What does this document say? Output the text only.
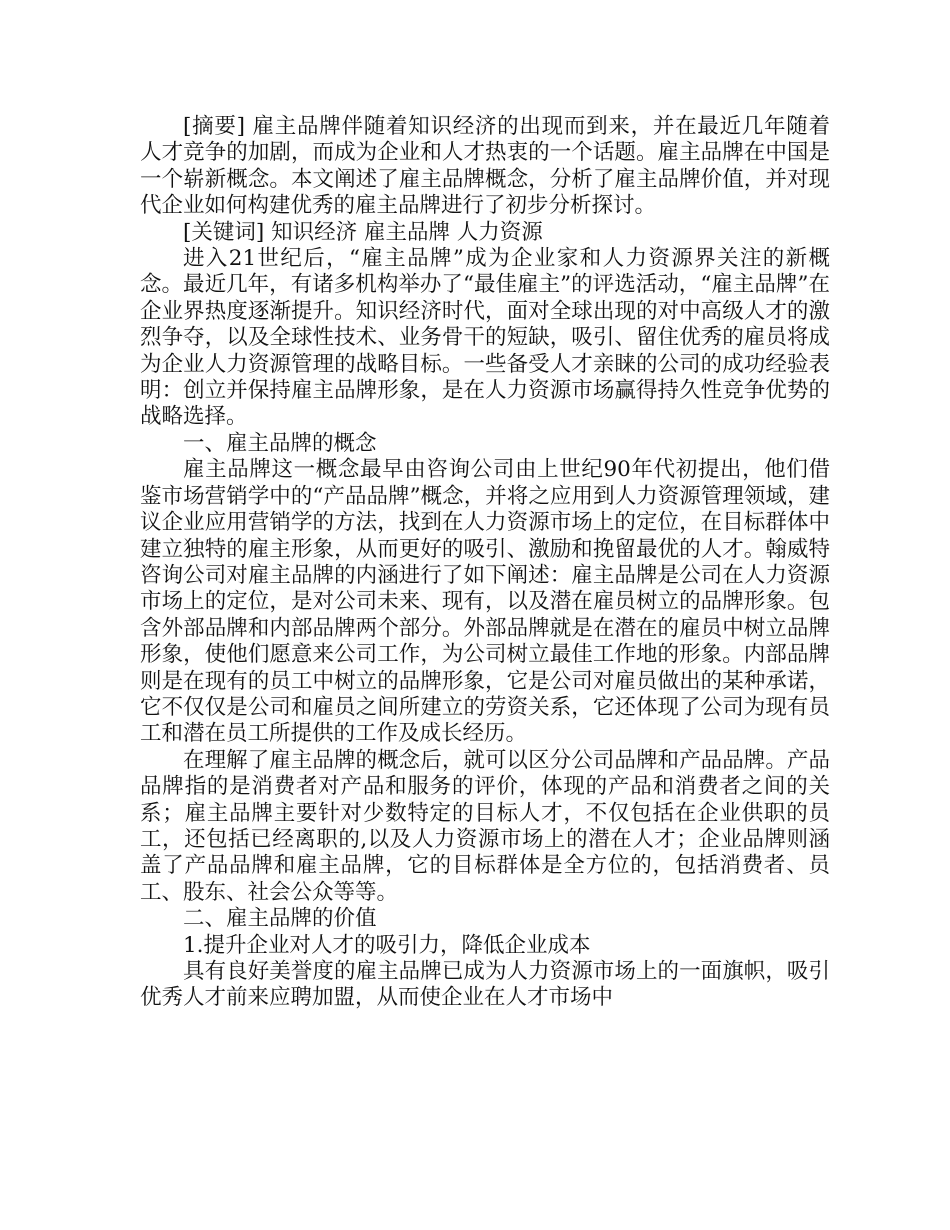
[摘要] 雇主品牌伴随着知识经济的出现而到来，并在最近几年随着人才竞争的加剧，而成为企业和人才热衷的一个话题。雇主品牌在中国是一个崭新概念。本文阐述了雇主品牌概念，分析了雇主品牌价值，并对现代企业如何构建优秀的雇主品牌进行了初步分析探讨。

[关键词] 知识经济 雇主品牌 人力资源

进入21世纪后，“雇主品牌”成为企业家和人力资源界关注的新概念。最近几年，有诸多机构举办了“最佳雇主”的评选活动，“雇主品牌”在企业界热度逐渐提升。知识经济时代，面对全球出现的对中高级人才的激烈争夺，以及全球性技术、业务骨干的短缺，吸引、留住优秀的雇员将成为企业人力资源管理的战略目标。一些备受人才亲睐的公司的成功经验表明：创立并保持雇主品牌形象，是在人力资源市场赢得持久性竞争优势的战略选择。

一、雇主品牌的概念

雇主品牌这一概念最早由咨询公司由上世纪90年代初提出，他们借鉴市场营销学中的“产品品牌”概念，并将之应用到人力资源管理领域，建议企业应用营销学的方法，找到在人力资源市场上的定位，在目标群体中建立独特的雇主形象，从而更好的吸引、激励和挽留最优的人才。翰威特咨询公司对雇主品牌的内涵进行了如下阐述：雇主品牌是公司在人力资源市场上的定位，是对公司未来、现有，以及潜在雇员树立的品牌形象。包含外部品牌和内部品牌两个部分。外部品牌就是在潜在的雇员中树立品牌形象，使他们愿意来公司工作，为公司树立最佳工作地的形象。内部品牌则是在现有的员工中树立的品牌形象，它是公司对雇员做出的某种承诺，它不仅仅是公司和雇员之间所建立的劳资关系，它还体现了公司为现有员工和潜在员工所提供的工作及成长经历。

在理解了雇主品牌的概念后，就可以区分公司品牌和产品品牌。产品品牌指的是消费者对产品和服务的评价，体现的产品和消费者之间的关系；雇主品牌主要针对少数特定的目标人才，不仅包括在企业供职的员工，还包括已经离职的,以及人力资源市场上的潜在人才；企业品牌则涵盖了产品品牌和雇主品牌，它的目标群体是全方位的，包括消费者、员工、股东、社会公众等等。

二、雇主品牌的价值

1.提升企业对人才的吸引力，降低企业成本

具有良好美誉度的雇主品牌已成为人力资源市场上的一面旗帜，吸引优秀人才前来应聘加盟，从而使企业在人才市场中
